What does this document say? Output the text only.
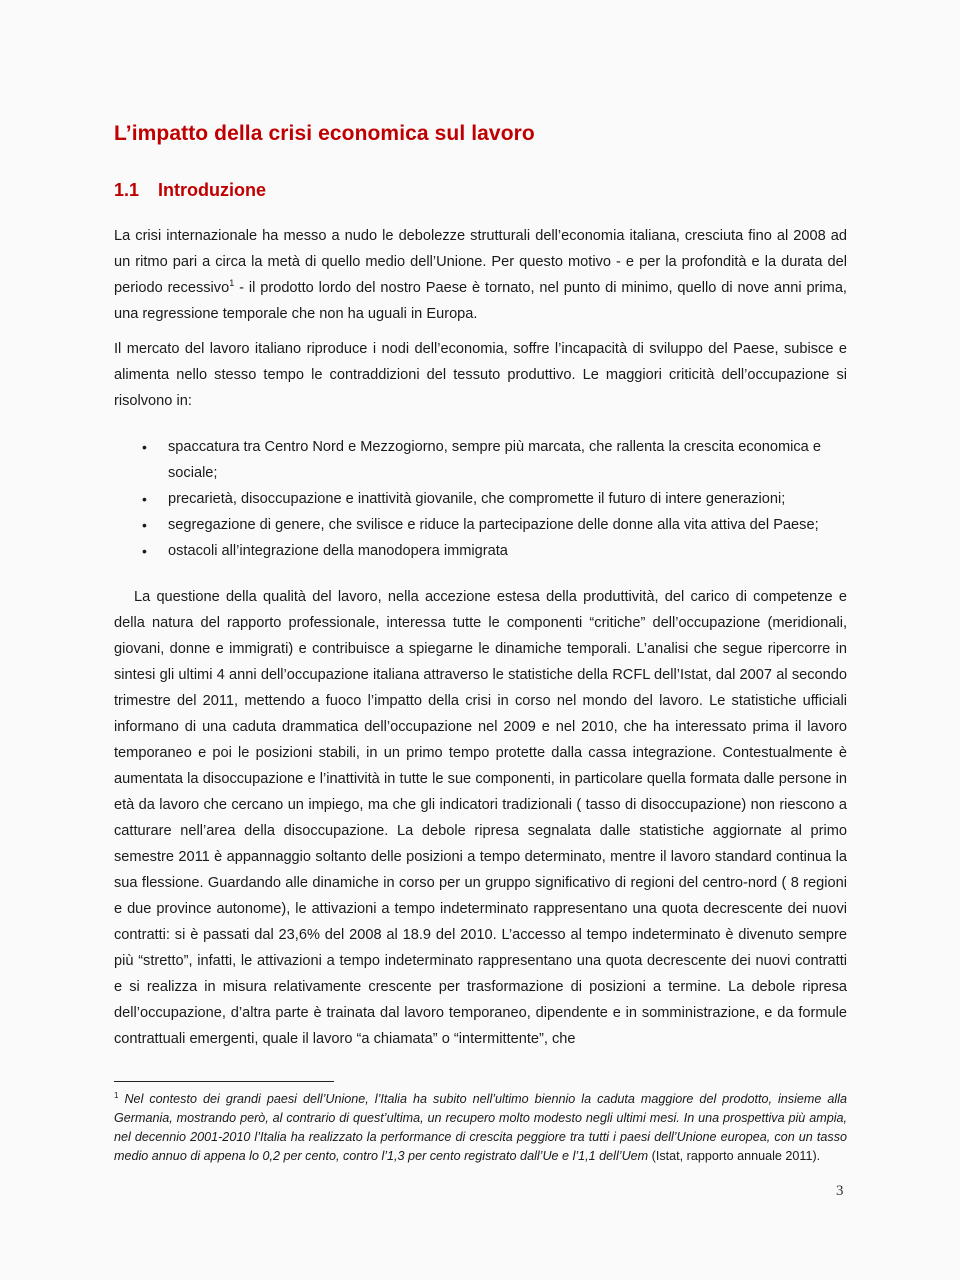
L’impatto della crisi economica sul lavoro
1.1 Introduzione

La crisi internazionale ha messo a nudo le debolezze strutturali dell’economia italiana, cresciuta fino al 2008 ad un ritmo pari a circa la metà di quello medio dell’Unione. Per questo motivo - e per la profondità e la durata del periodo recessivo$^1$ - il prodotto lordo del nostro Paese è tornato, nel punto di minimo, quello di nove anni prima, una regressione temporale che non ha uguali in Europa.

Il mercato del lavoro italiano riproduce i nodi dell’economia, soffre l’incapacità di sviluppo del Paese, subisce e alimenta nello stesso tempo le contraddizioni del tessuto produttivo. Le maggiori criticità dell’occupazione si risolvono in:

• spaccatura tra Centro Nord e Mezzogiorno, sempre più marcata, che rallenta la crescita economica e sociale;
• precarietà, disoccupazione e inattività giovanile, che compromette il futuro di intere generazioni;
• segregazione di genere, che svilisce e riduce la partecipazione delle donne alla vita attiva del Paese;
• ostacoli all’integrazione della manodopera immigrata

La questione della qualità del lavoro, nella accezione estesa della produttività, del carico di competenze e della natura del rapporto professionale, interessa tutte le componenti “critiche” dell’occupazione (meridionali, giovani, donne e immigrati) e contribuisce a spiegarne le dinamiche temporali. L’analisi che segue ripercorre in sintesi gli ultimi 4 anni dell’occupazione italiana attraverso le statistiche della RCFL dell’Istat, dal 2007 al secondo trimestre del 2011, mettendo a fuoco l’impatto della crisi in corso nel mondo del lavoro. Le statistiche ufficiali informano di una caduta drammatica dell’occupazione nel 2009 e nel 2010, che ha interessato prima il lavoro temporaneo e poi le posizioni stabili, in un primo tempo protette dalla cassa integrazione. Contestualmente è aumentata la disoccupazione e l’inattività in tutte le sue componenti, in particolare quella formata dalle persone in età da lavoro che cercano un impiego, ma che gli indicatori tradizionali ( tasso di disoccupazione) non riescono a catturare nell’area della disoccupazione. La debole ripresa segnalata dalle statistiche aggiornate al primo semestre 2011 è appannaggio soltanto delle posizioni a tempo determinato, mentre il lavoro standard continua la sua flessione. Guardando alle dinamiche in corso per un gruppo significativo di regioni del centro-nord ( 8 regioni e due province autonome), le attivazioni a tempo indeterminato rappresentano una quota decrescente dei nuovi contratti: si è passati dal 23,6% del 2008 al 18.9 del 2010. L’accesso al tempo indeterminato è divenuto sempre più “stretto”, infatti, le attivazioni a tempo indeterminato rappresentano una quota decrescente dei nuovi contratti e si realizza in misura relativamente crescente per trasformazione di posizioni a termine. La debole ripresa dell’occupazione, d’altra parte è trainata dal lavoro temporaneo, dipendente e in somministrazione, e da formule contrattuali emergenti, quale il lavoro “a chiamata” o “intermittente”, che

$^1$ Nel contesto dei grandi paesi dell’Unione, l’Italia ha subito nell’ultimo biennio la caduta maggiore del prodotto, insieme alla Germania, mostrando però, al contrario di quest’ultima, un recupero molto modesto negli ultimi mesi. In una prospettiva più ampia, nel decennio 2001-2010 l’Italia ha realizzato la performance di crescita peggiore tra tutti i paesi dell’Unione europea, con un tasso medio annuo di appena lo 0,2 per cento, contro l’1,3 per cento registrato dall’Ue e l’1,1 dell’Uem (Istat, rapporto annuale 2011).
3
